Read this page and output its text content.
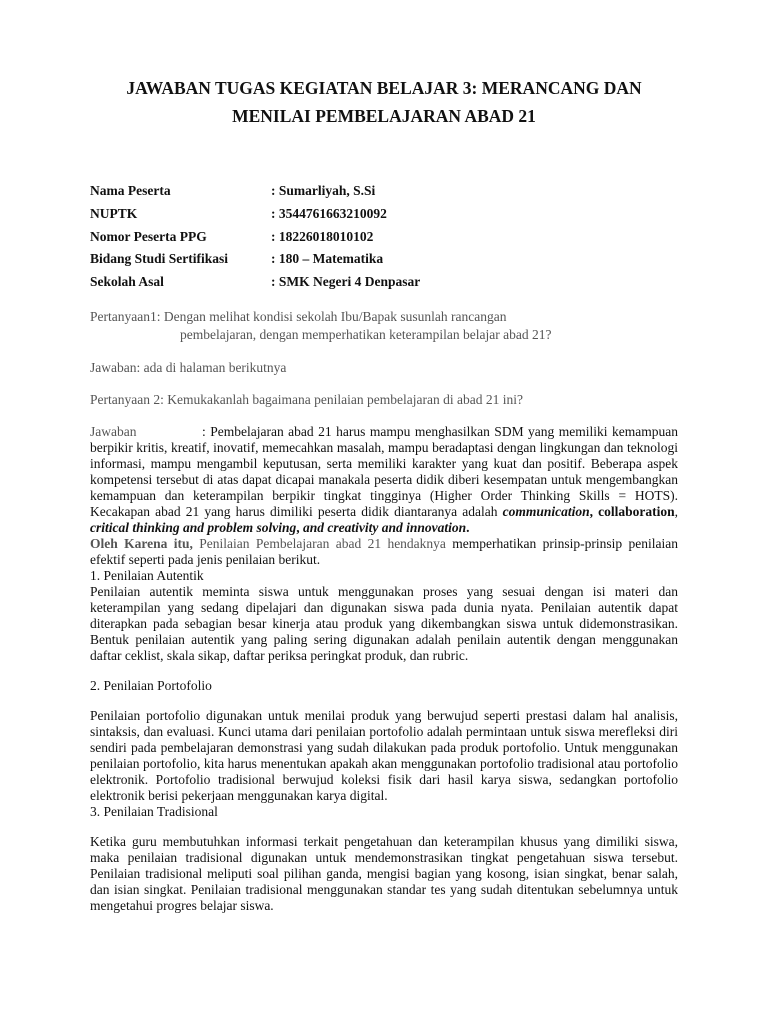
JAWABAN TUGAS KEGIATAN BELAJAR 3: MERANCANG DAN
MENILAI PEMBELAJARAN ABAD 21
Nama Peserta	: Sumarliyah, S.Si
NUPTK	: 3544761663210092
Nomor Peserta PPG	: 18226018010102
Bidang Studi Sertifikasi	: 180 – Matematika
Sekolah Asal	: SMK Negeri 4 Denpasar

Pertanyaan1: Dengan melihat kondisi sekolah Ibu/Bapak susunlah rancangan
pembelajaran, dengan memperhatikan keterampilan belajar abad 21?

Jawaban: ada di halaman berikutnya

Pertanyaan 2: Kemukakanlah bagaimana penilaian pembelajaran di abad 21 ini?

Jawaban	: Pembelajaran abad 21 harus mampu menghasilkan SDM yang memiliki kemampuan berpikir kritis, kreatif, inovatif, memecahkan masalah, mampu beradaptasi dengan lingkungan dan teknologi informasi, mampu mengambil keputusan, serta memiliki karakter yang kuat dan positif. Beberapa aspek kompetensi tersebut di atas dapat dicapai manakala peserta didik diberi kesempatan untuk mengembangkan kemampuan dan keterampilan berpikir tingkat tingginya (Higher Order Thinking Skills = HOTS). Kecakapan abad 21 yang harus dimiliki peserta didik diantaranya adalah communication, collaboration, critical thinking and problem solving, and creativity and innovation.

Oleh Karena itu, Penilaian Pembelajaran abad 21 hendaknya memperhatikan prinsip-prinsip penilaian efektif seperti pada jenis penilaian berikut.

1. Penilaian Autentik

Penilaian autentik meminta siswa untuk menggunakan proses yang sesuai dengan isi materi dan keterampilan yang sedang dipelajari dan digunakan siswa pada dunia nyata. Penilaian autentik dapat diterapkan pada sebagian besar kinerja atau produk yang dikembangkan siswa untuk didemonstrasikan. Bentuk penilaian autentik yang paling sering digunakan adalah penilain autentik dengan menggunakan daftar ceklist, skala sikap, daftar periksa peringkat produk, dan rubric.

2. Penilaian Portofolio

Penilaian portofolio digunakan untuk menilai produk yang berwujud seperti prestasi dalam hal analisis, sintaksis, dan evaluasi. Kunci utama dari penilaian portofolio adalah permintaan untuk siswa merefleksi diri sendiri pada pembelajaran demonstrasi yang sudah dilakukan pada produk portofolio. Untuk menggunakan penilaian portofolio, kita harus menentukan apakah akan menggunakan portofolio tradisional atau portofolio elektronik. Portofolio tradisional berwujud koleksi fisik dari hasil karya siswa, sedangkan portofolio elektronik berisi pekerjaan menggunakan karya digital.

3. Penilaian Tradisional

Ketika guru membutuhkan informasi terkait pengetahuan dan keterampilan khusus yang dimiliki siswa, maka penilaian tradisional digunakan untuk mendemonstrasikan tingkat pengetahuan siswa tersebut. Penilaian tradisional meliputi soal pilihan ganda, mengisi bagian yang kosong, isian singkat, benar salah, dan isian singkat. Penilaian tradisional menggunakan standar tes yang sudah ditentukan sebelumnya untuk mengetahui progres belajar siswa.
